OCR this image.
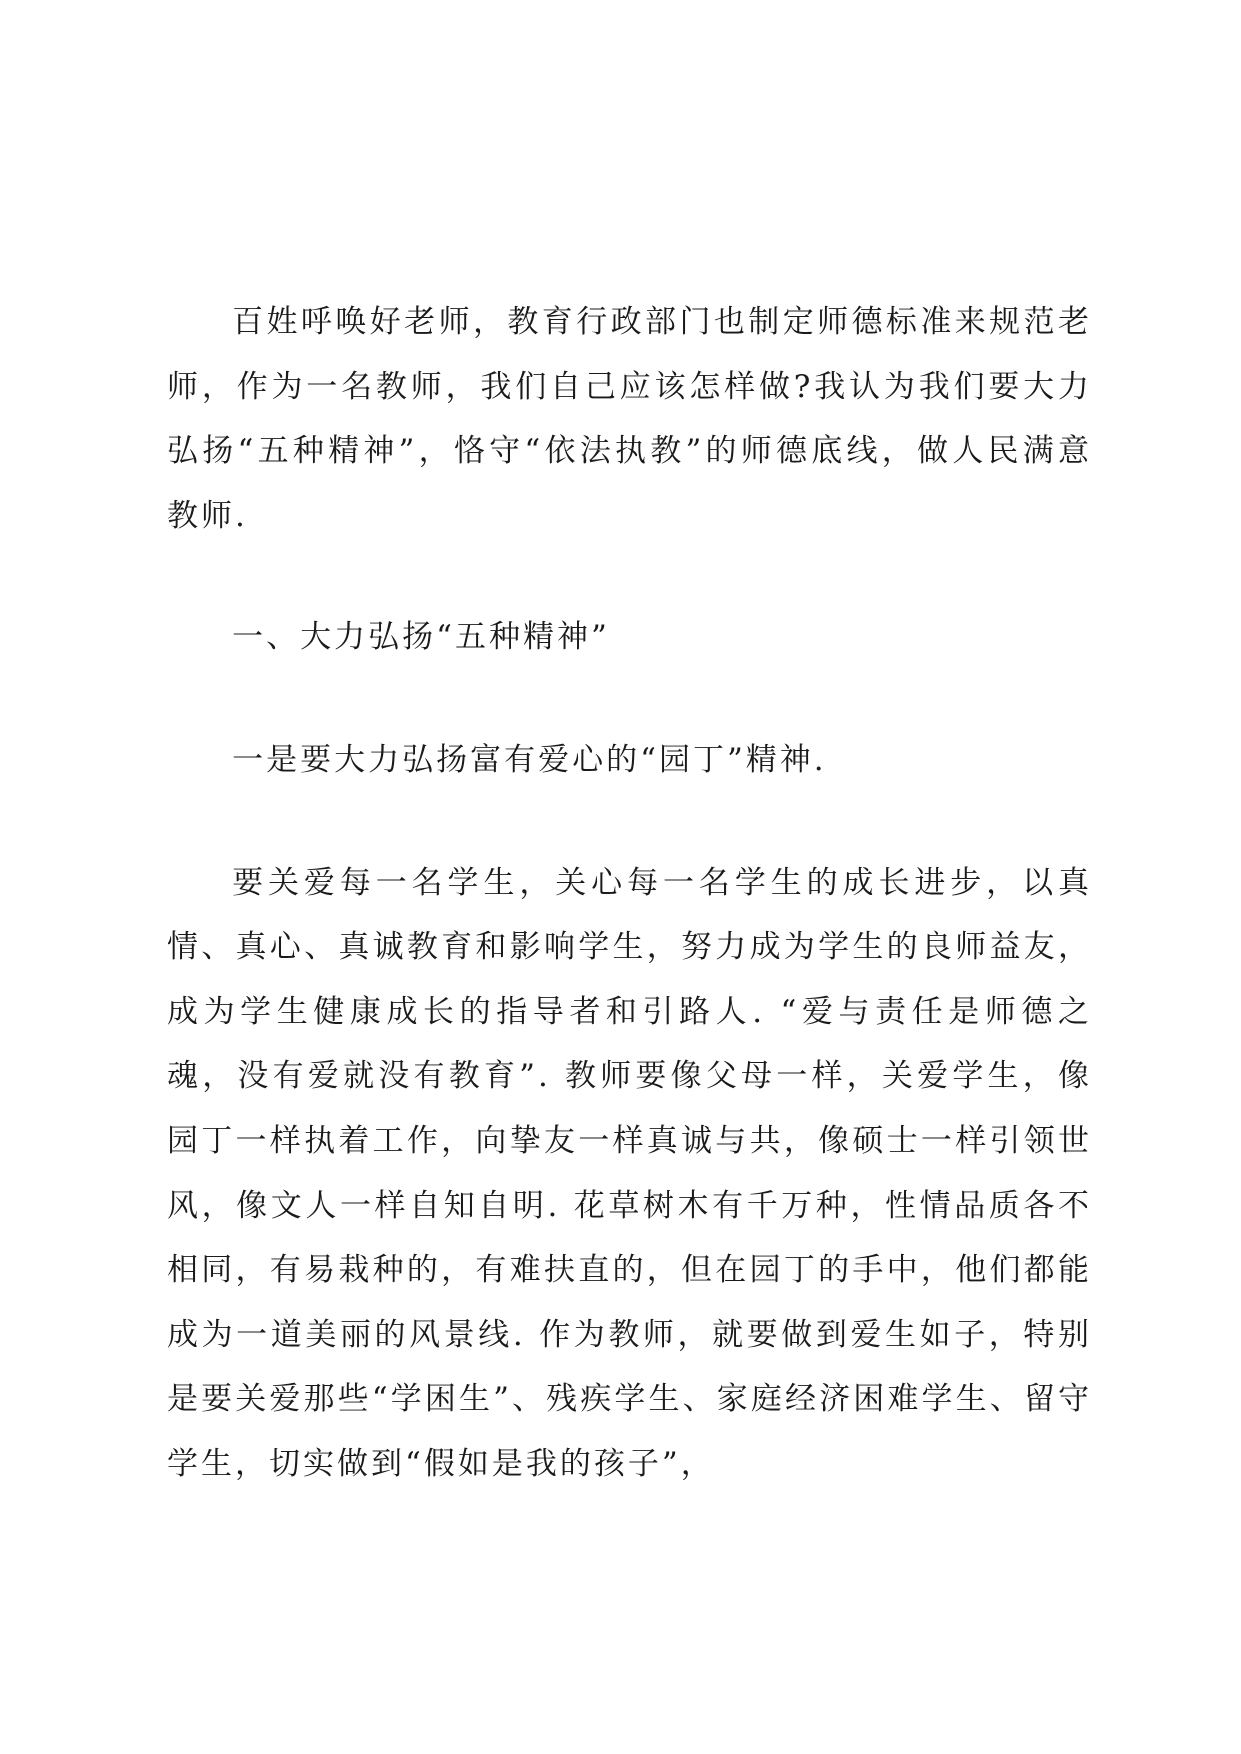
百姓呼唤好老师，教育行政部门也制定师德标准来规范老师，作为一名教师，我们自己应该怎样做?我认为我们要大力弘扬“五种精神”，恪守“依法执教”的师德底线，做人民满意教师.

一、大力弘扬“五种精神”

一是要大力弘扬富有爱心的“园丁”精神.

要关爱每一名学生，关心每一名学生的成长进步，以真情、真心、真诚教育和影响学生，努力成为学生的良师益友，成为学生健康成长的指导者和引路人. “爱与责任是师德之魂，没有爱就没有教育”. 教师要像父母一样，关爱学生，像园丁一样执着工作，向挚友一样真诚与共，像硕士一样引领世风，像文人一样自知自明. 花草树木有千万种，性情品质各不相同，有易栽种的，有难扶直的，但在园丁的手中，他们都能成为一道美丽的风景线. 作为教师，就要做到爱生如子，特别是要关爱那些“学困生”、残疾学生、家庭经济困难学生、留守学生，切实做到“假如是我的孩子”，
